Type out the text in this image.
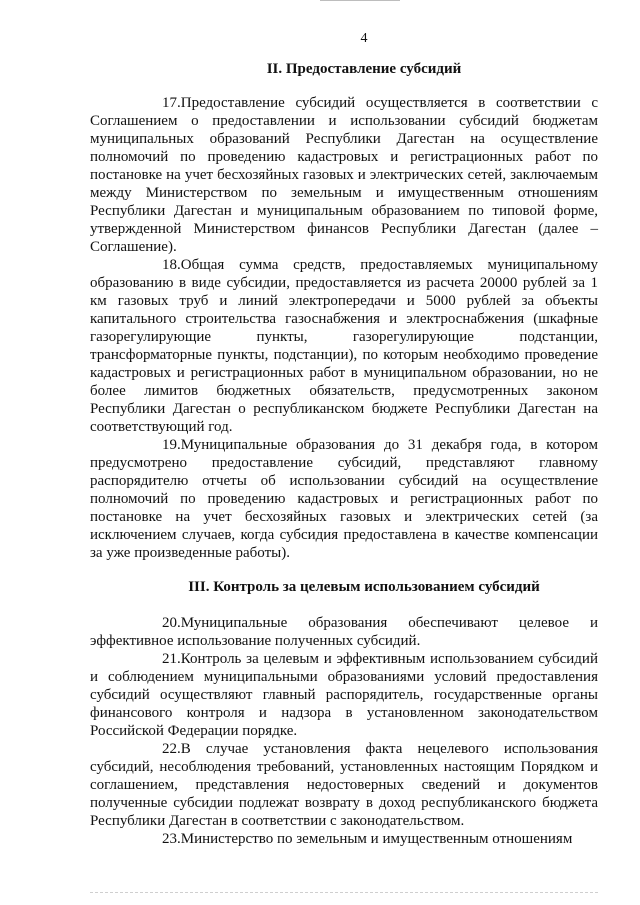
4
II. Предоставление субсидий

17.Предоставление субсидий осуществляется в соответствии с Соглашением о предоставлении и использовании субсидий бюджетам муниципальных образований Республики Дагестан на осуществление полномочий по проведению кадастровых и регистрационных работ по постановке на учет бесхозяйных газовых и электрических сетей, заключаемым между Министерством по земельным и имущественным отношениям Республики Дагестан и муниципальным образованием по типовой форме, утвержденной Министерством финансов Республики Дагестан (далее – Соглашение).

18.Общая сумма средств, предоставляемых муниципальному образованию в виде субсидии, предоставляется из расчета 20000 рублей за 1 км газовых труб и линий электропередачи и 5000 рублей за объекты капитального строительства газоснабжения и электроснабжения (шкафные газорегулирующие пункты, газорегулирующие подстанции, трансформаторные пункты, подстанции), по которым необходимо проведение кадастровых и регистрационных работ в муниципальном образовании, но не более лимитов бюджетных обязательств, предусмотренных законом Республики Дагестан о республиканском бюджете Республики Дагестан на соответствующий год.

19.Муниципальные образования до 31 декабря года, в котором предусмотрено предоставление субсидий, представляют главному распорядителю отчеты об использовании субсидий на осуществление полномочий по проведению кадастровых и регистрационных работ по постановке на учет бесхозяйных газовых и электрических сетей (за исключением случаев, когда субсидия предоставлена в качестве компенсации за уже произведенные работы).

III. Контроль за целевым использованием субсидий

20.Муниципальные образования обеспечивают целевое и эффективное использование полученных субсидий.

21.Контроль за целевым и эффективным использованием субсидий и соблюдением муниципальными образованиями условий предоставления субсидий осуществляют главный распорядитель, государственные органы финансового контроля и надзора в установленном законодательством Российской Федерации порядке.

22.В случае установления факта нецелевого использования субсидий, несоблюдения требований, установленных настоящим Порядком и соглашением, представления недостоверных сведений и документов полученные субсидии подлежат возврату в доход республиканского бюджета Республики Дагестан в соответствии с законодательством.

23.Министерство по земельным и имущественным отношениям
